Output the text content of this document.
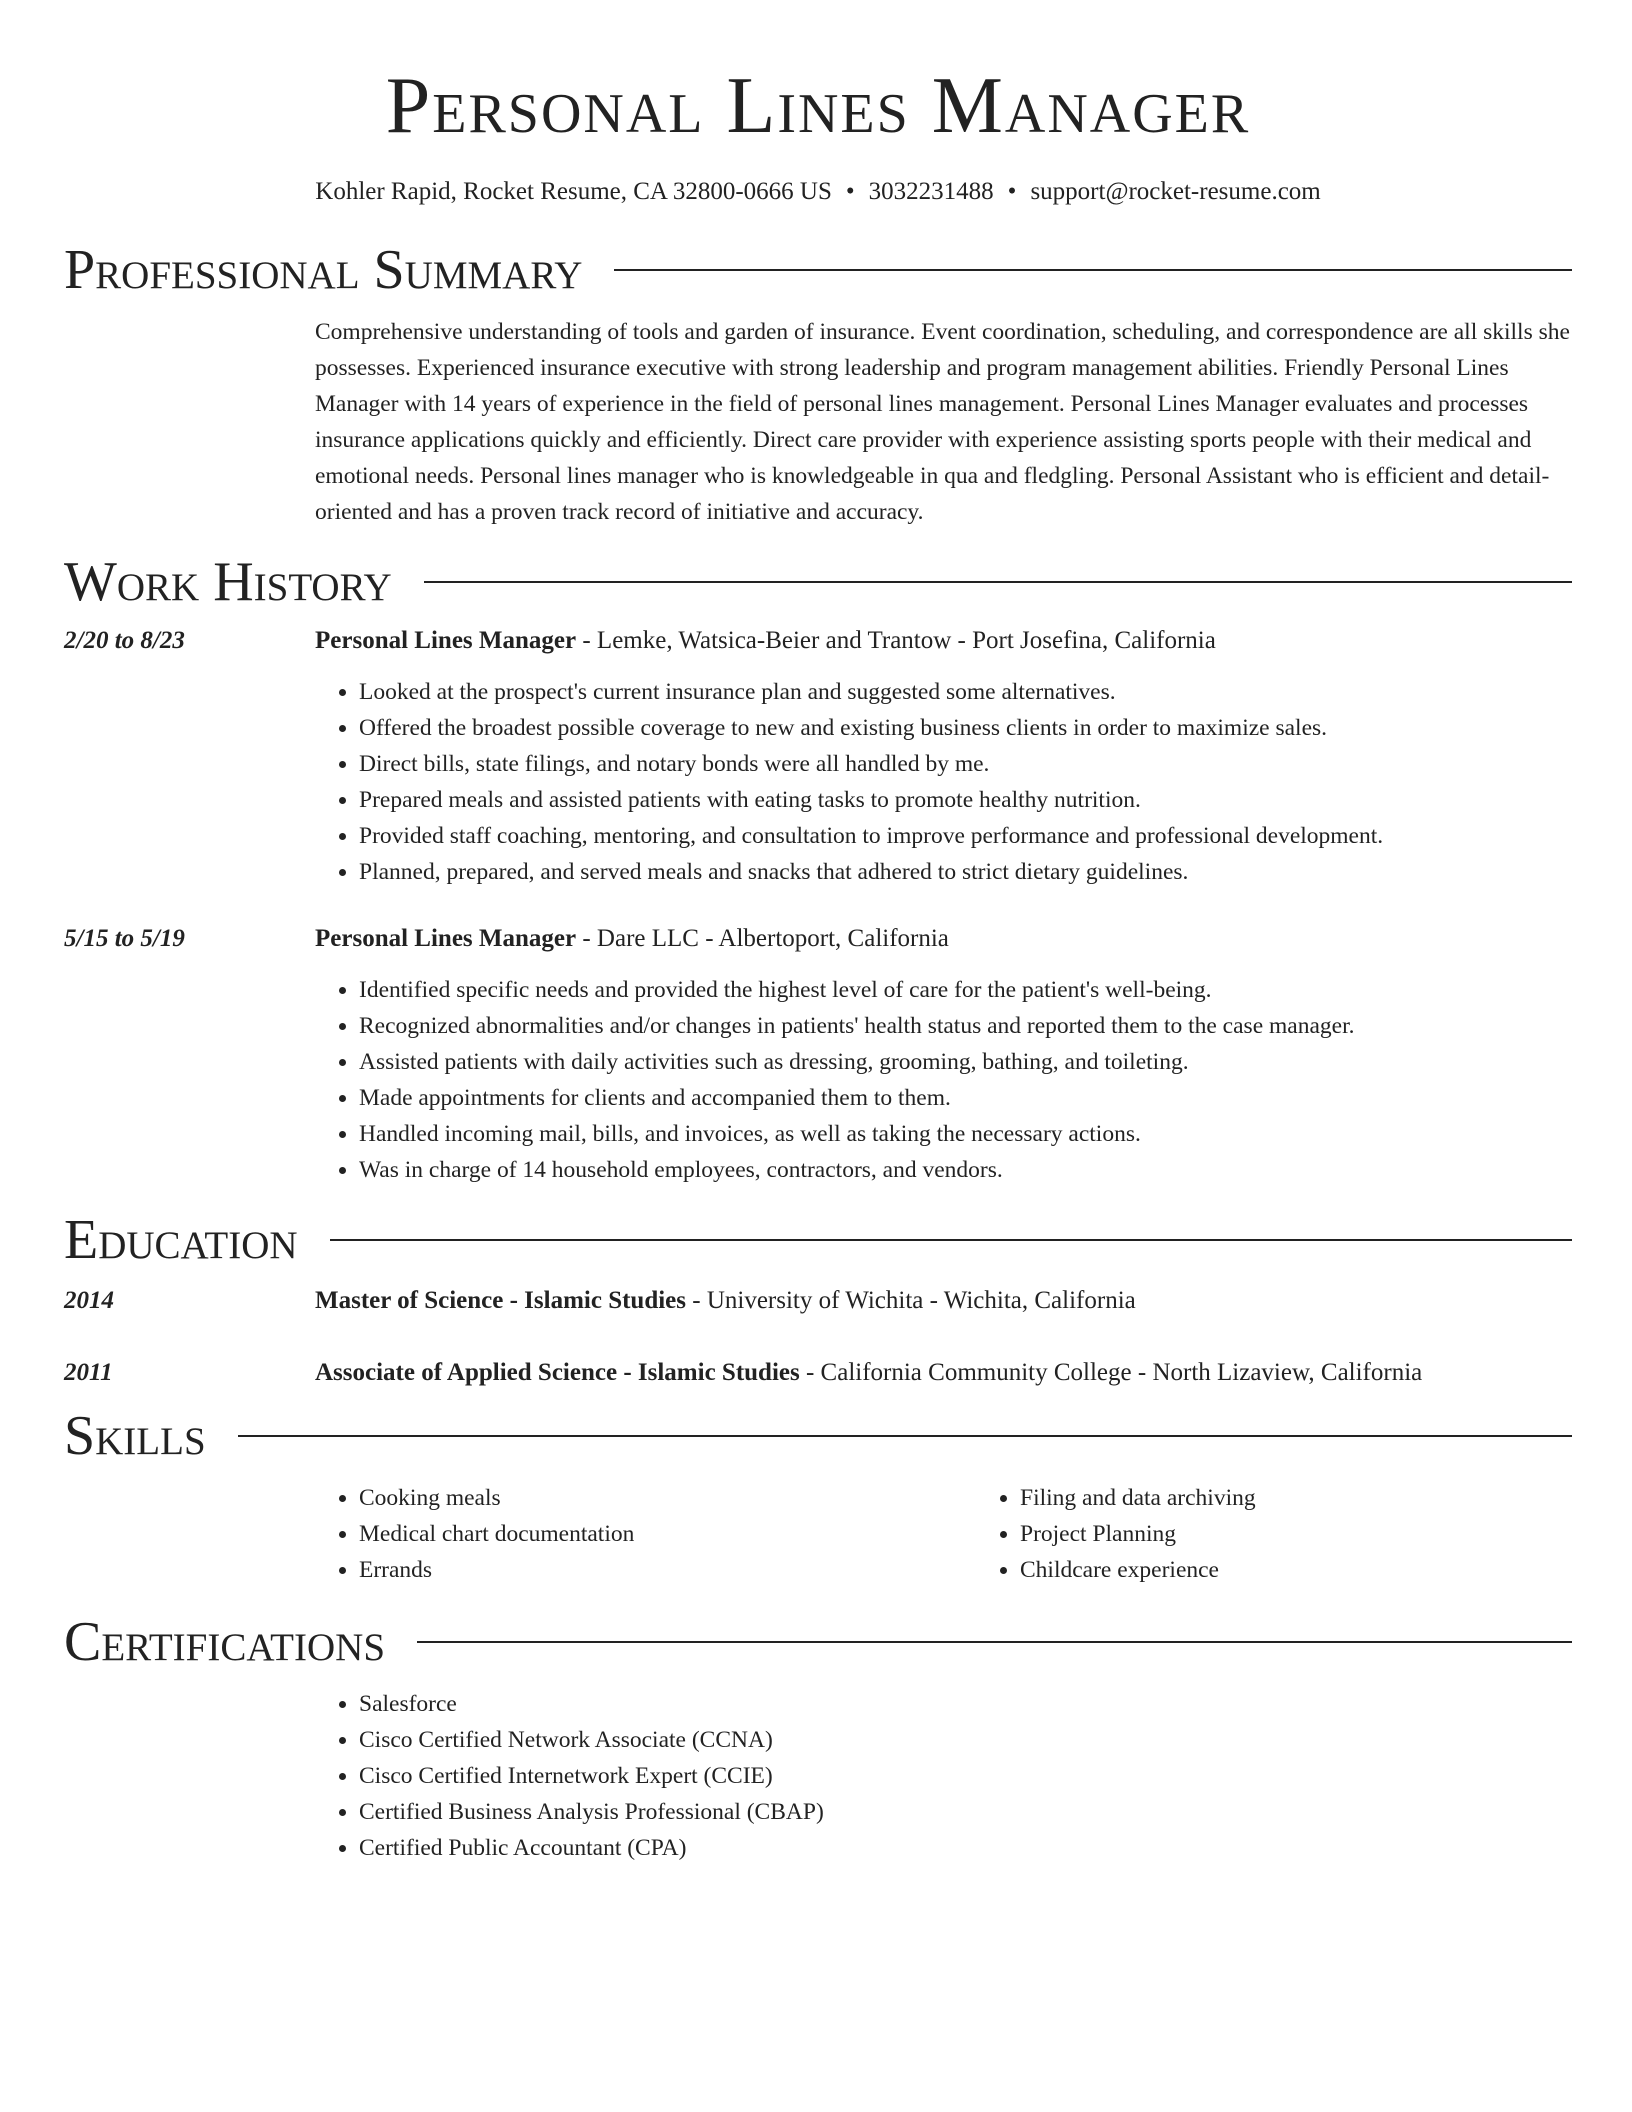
Personal Lines Manager
Kohler Rapid, Rocket Resume, CA 32800-0666 US • 3032231488 • support@rocket-resume.com
Professional Summary

Comprehensive understanding of tools and garden of insurance. Event coordination, scheduling, and correspondence are all skills she possesses. Experienced insurance executive with strong leadership and program management abilities. Friendly Personal Lines Manager with 14 years of experience in the field of personal lines management. Personal Lines Manager evaluates and processes insurance applications quickly and efficiently. Direct care provider with experience assisting sports people with their medical and emotional needs. Personal lines manager who is knowledgeable in qua and fledgling. Personal Assistant who is efficient and detail-oriented and has a proven track record of initiative and accuracy.

Work History
2/20 to 8/23	Personal Lines Manager - Lemke, Watsica-Beier and Trantow - Port Josefina, California
• Looked at the prospect's current insurance plan and suggested some alternatives.
• Offered the broadest possible coverage to new and existing business clients in order to maximize sales.
• Direct bills, state filings, and notary bonds were all handled by me.
• Prepared meals and assisted patients with eating tasks to promote healthy nutrition.
• Provided staff coaching, mentoring, and consultation to improve performance and professional development.
• Planned, prepared, and served meals and snacks that adhered to strict dietary guidelines.
5/15 to 5/19	Personal Lines Manager - Dare LLC - Albertoport, California
• Identified specific needs and provided the highest level of care for the patient's well-being.
• Recognized abnormalities and/or changes in patients' health status and reported them to the case manager.
• Assisted patients with daily activities such as dressing, grooming, bathing, and toileting.
• Made appointments for clients and accompanied them to them.
• Handled incoming mail, bills, and invoices, as well as taking the necessary actions.
• Was in charge of 14 household employees, contractors, and vendors.
Education
2014	Master of Science - Islamic Studies - University of Wichita - Wichita, California
2011	Associate of Applied Science - Islamic Studies - California Community College - North Lizaview, California
Skills
• Cooking meals
• Medical chart documentation
• Errands
• Filing and data archiving
• Project Planning
• Childcare experience
Certifications
• Salesforce
• Cisco Certified Network Associate (CCNA)
• Cisco Certified Internetwork Expert (CCIE)
• Certified Business Analysis Professional (CBAP)
• Certified Public Accountant (CPA)
